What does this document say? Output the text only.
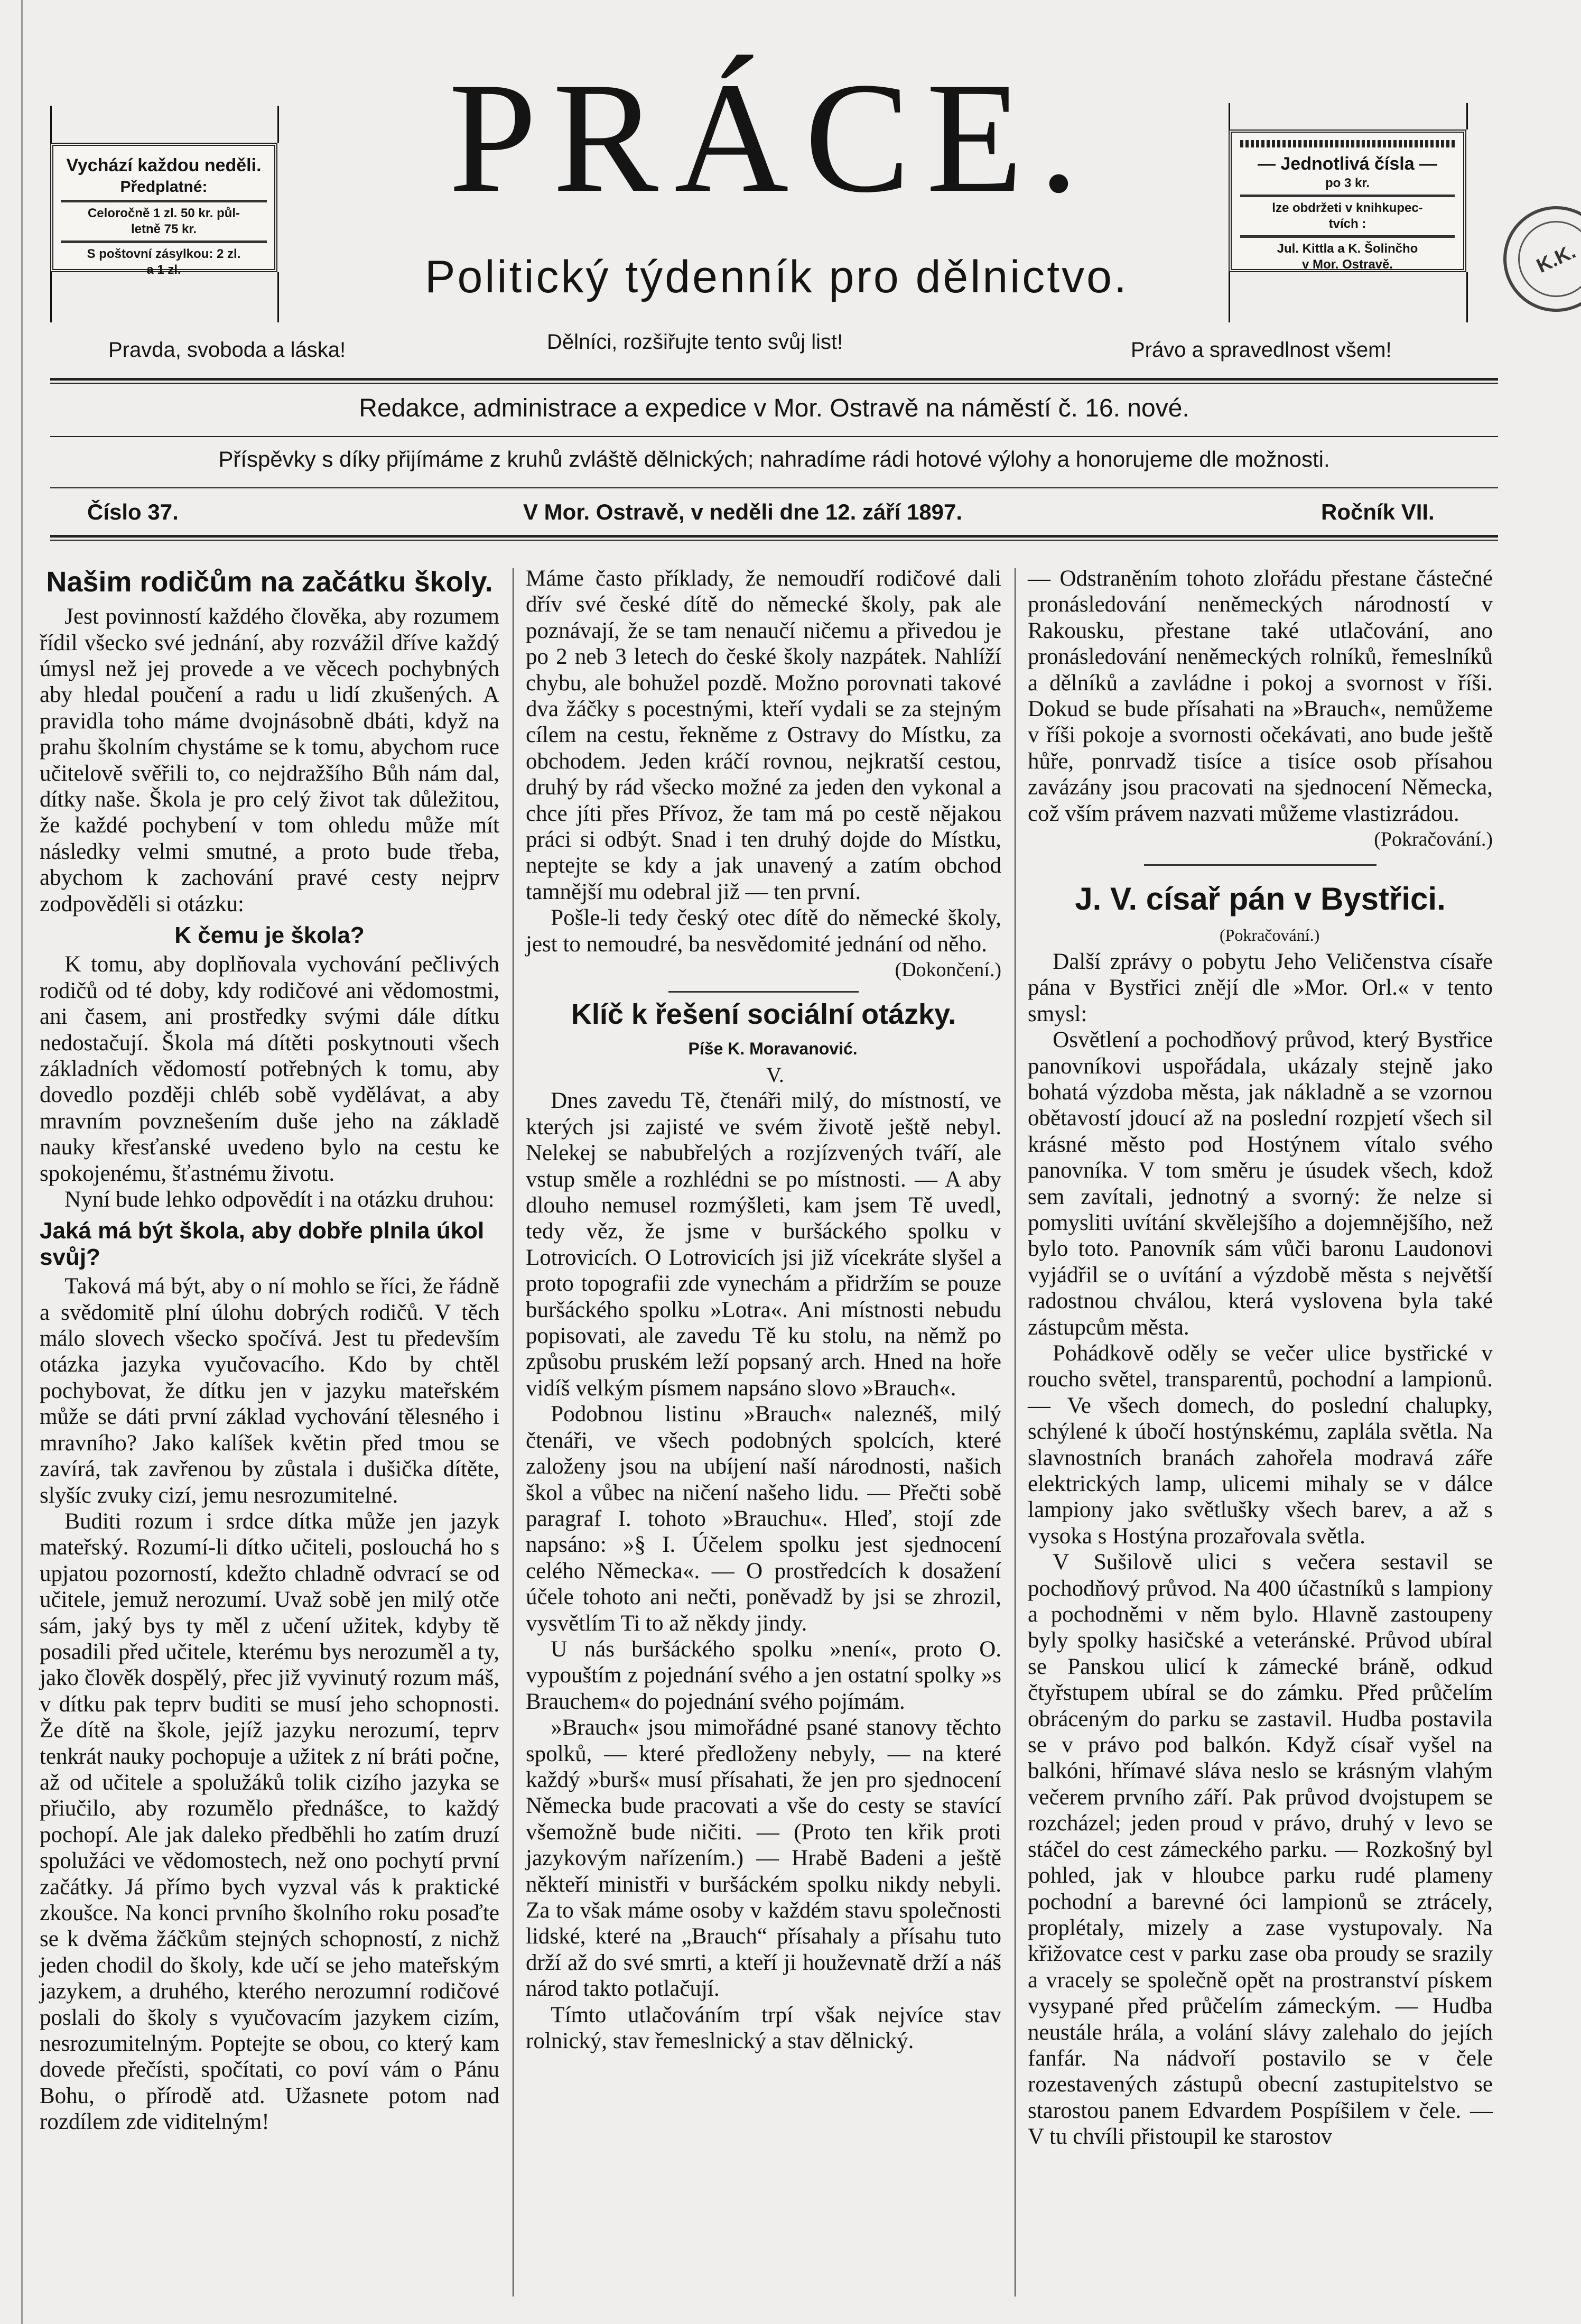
Vychází každou neděli.

Předplatné:

Celoročně 1 zl. 50 kr. půl-

letně 75 kr.

S poštovní zásylkou: 2 zl.

a 1 zl.

PRÁCE.
Politický týdenník pro dělnictvo.

— Jednotlivá čísla —

po 3 kr.

lze obdržeti v knihkupec-

tvích :

Jul. Kittla a K. Šolinčho

v Mor. Ostravě.	K.K.
Pravda, svoboda a láska!	Dělníci, rozšiřujte tento svůj list!	Právo a spravedlnost všem!
Redakce, administrace a expedice v Mor. Ostravě na náměstí č. 16. nové.
Příspěvky s díky přijímáme z kruhů zvláště dělnických; nahradíme rádi hotové výlohy a honorujeme dle možnosti.
Číslo 37.	V Mor. Ostravě, v neděli dne 12. září 1897.	Ročník VII.
Našim rodičům na začátku školy.

Jest povinností každého člověka, aby rozumem řídil všecko své jednání, aby rozvážil dříve každý úmysl než jej provede a ve věcech pochybných aby hledal poučení a radu u lidí zkušených. A pravidla toho máme dvojnásobně dbáti, když na prahu školním chystáme se k tomu, abychom ruce učitelově svěřili to, co nejdražšího Bůh nám dal, dítky naše. Škola je pro celý život tak důležitou, že každé pochybení v tom ohledu může mít následky velmi smutné, a proto bude třeba, abychom k zachování pravé cesty nejprv zodpověděli si otázku:

K čemu je škola?

K tomu, aby doplňovala vychování pečlivých rodičů od té doby, kdy rodičové ani vědomostmi, ani časem, ani prostředky svými dále dítku nedostačují. Škola má dítěti poskytnouti všech základních vědomostí potřebných k tomu, aby dovedlo později chléb sobě vydělávat, a aby mravním povznešením duše jeho na základě nauky křesťanské uvedeno bylo na cestu ke spokojenému, šťastnému životu.

Nyní bude lehko odpovědít i na otázku druhou:

Jaká má být škola, aby dobře plnila úkol svůj?

Taková má být, aby o ní mohlo se říci, že řádně a svědomitě plní úlohu dobrých rodičů. V těch málo slovech všecko spočívá. Jest tu především otázka jazyka vyučovacího. Kdo by chtěl pochybovat, že dítku jen v jazyku mateřském může se dáti první základ vychování tělesného i mravního? Jako kalíšek květin před tmou se zavírá, tak zavřenou by zůstala i dušička dítěte, slyšíc zvuky cizí, jemu nesrozumitelné.

Buditi rozum i srdce dítka může jen jazyk mateřský. Rozumí-li dítko učiteli, poslouchá ho s upjatou pozorností, kdežto chladně odvrací se od učitele, jemuž nerozumí. Uvaž sobě jen milý otče sám, jaký bys ty měl z učení užitek, kdyby tě posadili před učitele, kterému bys nerozuměl a ty, jako člověk dospělý, přec již vyvinutý rozum máš, v dítku pak teprv buditi se musí jeho schopnosti. Že dítě na škole, jejíž jazyku nerozumí, teprv tenkrát nauky pochopuje a užitek z ní bráti počne, až od učitele a spolužáků tolik cizího jazyka se přiučilo, aby rozumělo přednášce, to každý pochopí. Ale jak daleko předběhli ho zatím druzí spolužáci ve vědomostech, než ono pochytí první začátky. Já přímo bych vyzval vás k praktické zkoušce. Na konci prvního školního roku posaďte se k dvěma žáčkům stejných schopností, z nichž jeden chodil do školy, kde učí se jeho mateřským jazykem, a druhého, kterého nerozumní rodičové poslali do školy s vyučovacím jazykem cizím, nesrozumitelným. Poptejte se obou, co který kam dovede přečísti, spočítati, co poví vám o Pánu Bohu, o přírodě atd. Užasnete potom nad rozdílem zde viditelným!

Máme často příklady, že nemoudří rodičové dali dřív své české dítě do německé školy, pak ale poznávají, že se tam nenaučí ničemu a přivedou je po 2 neb 3 letech do české školy nazpátek. Nahlíží chybu, ale bohužel pozdě. Možno porovnati takové dva žáčky s pocestnými, kteří vydali se za stejným cílem na cestu, řekněme z Ostravy do Místku, za obchodem. Jeden kráčí rovnou, nejkratší cestou, druhý by rád všecko možné za jeden den vykonal a chce jíti přes Přívoz, že tam má po cestě nějakou práci si odbýt. Snad i ten druhý dojde do Místku, neptejte se kdy a jak unavený a zatím obchod tamnější mu odebral již — ten první.

Pošle-li tedy český otec dítě do německé školy, jest to nemoudré, ba nesvědomité jednání od něho.

(Dokončení.)

Klíč k řešení sociální otázky.

Píše K. Moravanović.

V.

Dnes zavedu Tě, čtenáři milý, do místností, ve kterých jsi zajisté ve svém životě ještě nebyl. Nelekej se nabubřelých a rozjízvených tváří, ale vstup směle a rozhlédni se po místnosti. — A aby dlouho nemusel rozmýšleti, kam jsem Tě uvedl, tedy věz, že jsme v buršáckého spolku v Lotrovicích. O Lotrovicích jsi již vícekráte slyšel a proto topografii zde vynechám a přidržím se pouze buršáckého spolku »Lotra«. Ani místnosti nebudu popisovati, ale zavedu Tě ku stolu, na němž po způsobu pruském leží popsaný arch. Hned na hoře vidíš velkým písmem napsáno slovo »Brauch«.

Podobnou listinu »Brauch« naleznéš, milý čtenáři, ve všech podobných spolcích, které založeny jsou na ubíjení naší národnosti, našich škol a vůbec na ničení našeho lidu. — Přečti sobě paragraf I. tohoto »Brauchu«. Hleď, stojí zde napsáno: »§ I. Účelem spolku jest sjednocení celého Německa«. — O prostředcích k dosažení účele tohoto ani nečti, poněvadž by jsi se zhrozil, vysvětlím Ti to až někdy jindy.

U nás buršáckého spolku »není«, proto O. vypouštím z pojednání svého a jen ostatní spolky »s Brauchem« do pojednání svého pojímám.

»Brauch« jsou mimořádné psané stanovy těchto spolků, — které předloženy nebyly, — na které každý »burš« musí přísahati, že jen pro sjednocení Německa bude pracovati a vše do cesty se stavící všemožně bude ničiti. — (Proto ten křik proti jazykovým nařízením.) — Hrabě Badeni a ještě někteří ministři v buršáckém spolku nikdy nebyli. Za to však máme osoby v každém stavu společnosti lidské, které na „Brauch“ přísahaly a přísahu tuto drží až do své smrti, a kteří ji houževnatě drží a náš národ takto potlačují.

Tímto utlačováním trpí však nejvíce stav rolnický, stav řemeslnický a stav dělnický.

— Odstraněním tohoto zlořádu přestane částečné pronásledování neněmeckých národností v Rakousku, přestane také utlačování, ano pronásledování neněmeckých rolníků, řemeslníků a dělníků a zavládne i pokoj a svornost v říši. Dokud se bude přísahati na »Brauch«, nemůžeme v říši pokoje a svornosti očekávati, ano bude ještě hůře, ponrvadž tisíce a tisíce osob přísahou zavázány jsou pracovati na sjednocení Německa, což vším právem nazvati můžeme vlastizrádou.

(Pokračování.)

J. V. císař pán v Bystřici.

(Pokračování.)

Další zprávy o pobytu Jeho Veličenstva císaře pána v Bystřici znějí dle »Mor. Orl.« v tento smysl:

Osvětlení a pochodňový průvod, který Bystřice panovníkovi uspořádala, ukázaly stejně jako bohatá výzdoba města, jak nákladně a se vzornou obětavostí jdoucí až na poslední rozpjetí všech sil krásné město pod Hostýnem vítalo svého panovníka. V tom směru je úsudek všech, kdož sem zavítali, jednotný a svorný: že nelze si pomysliti uvítání skvělejšího a dojemnějšího, než bylo toto. Panovník sám vůči baronu Laudonovi vyjádřil se o uvítání a výzdobě města s největší radostnou chválou, která vyslovena byla také zástupcům města.

Pohádkově oděly se večer ulice bystřické v roucho světel, transparentů, pochodní a lampionů. — Ve všech domech, do poslední chalupky, schýlené k úbočí hostýnskému, zaplála světla. Na slavnostních branách zahořela modravá záře elektrických lamp, ulicemi mihaly se v dálce lampiony jako světlušky všech barev, a až s vysoka s Hostýna prozařovala světla.

V Sušilově ulici s večera sestavil se pochodňový průvod. Na 400 účastníků s lampiony a pochodněmi v něm bylo. Hlavně zastoupeny byly spolky hasičské a veteránské. Průvod ubíral se Panskou ulicí k zámecké bráně, odkud čtyřstupem ubíral se do zámku. Před průčelím obráceným do parku se zastavil. Hudba postavila se v právo pod balkón. Když císař vyšel na balkóni, hřímavé sláva neslo se krásným vlahým večerem prvního září. Pak průvod dvojstupem se rozcházel; jeden proud v právo, druhý v levo se stáčel do cest zámeckého parku. — Rozkošný byl pohled, jak v hloubce parku rudé plameny pochodní a barevné óci lampionů se ztrácely, proplétaly, mizely a zase vystupovaly. Na křižovatce cest v parku zase oba proudy se srazily a vracely se společně opět na prostranství pískem vysypané před průčelím zámeckým. — Hudba neustále hrála, a volání slávy zalehalo do jejích fanfár. Na nádvoří postavilo se v čele rozestavených zástupů obecní zastupitelstvo se starostou panem Edvardem Pospíšilem v čele. — V tu chvíli přistoupil ke starostov
